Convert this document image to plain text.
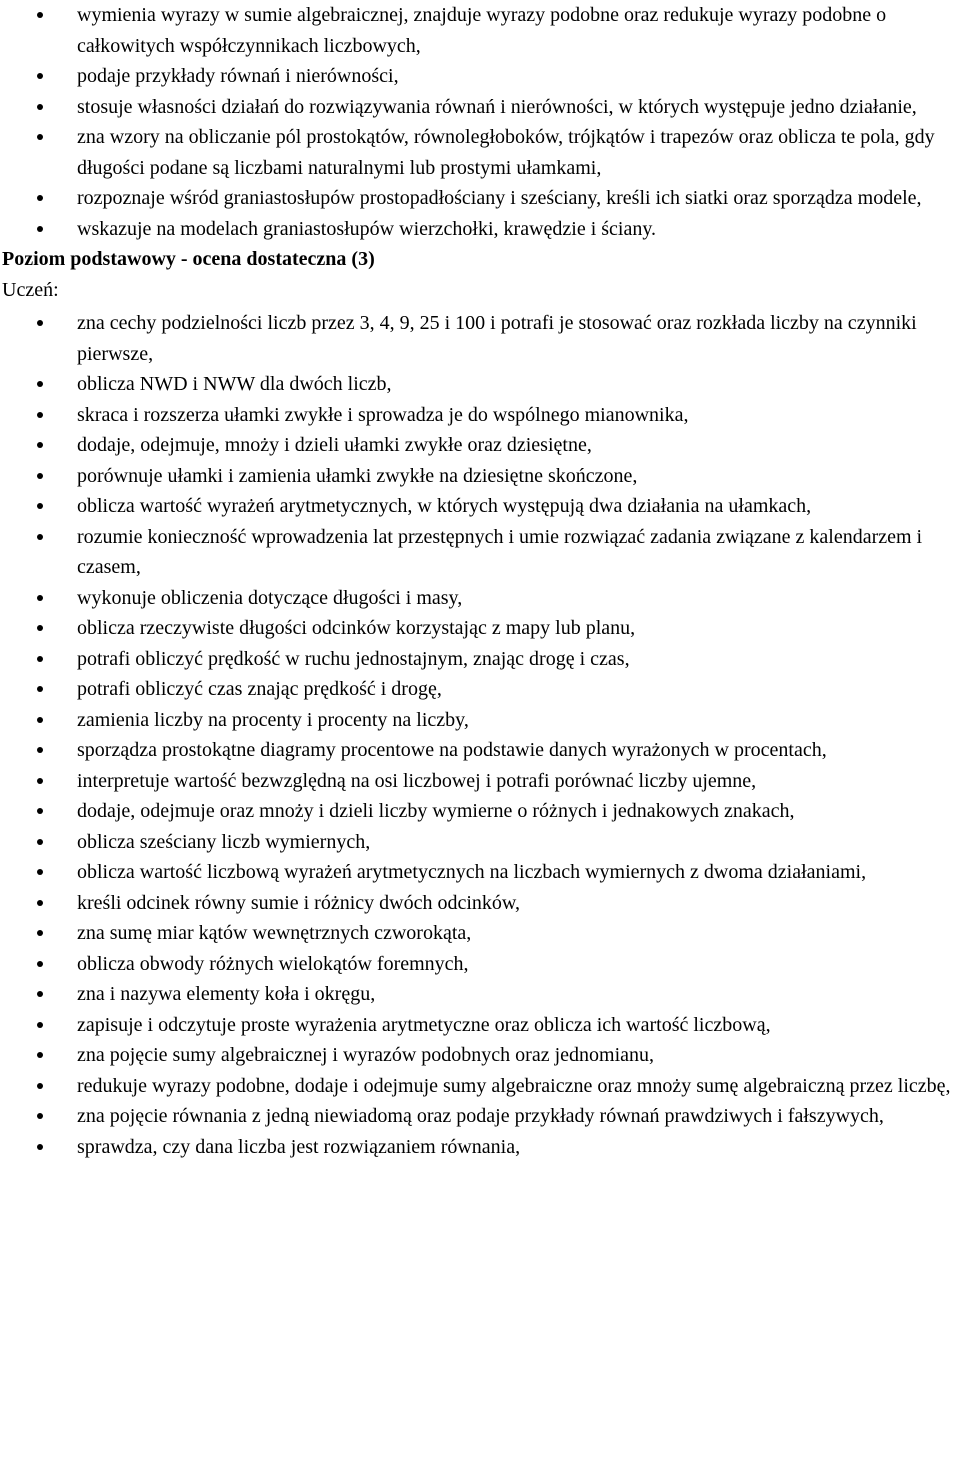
wymienia wyrazy w sumie algebraicznej, znajduje wyrazy podobne oraz redukuje wyrazy podobne o całkowitych współczynnikach liczbowych,
podaje przykłady równań i nierówności,
stosuje własności działań do rozwiązywania równań i nierówności, w których występuje jedno działanie,
zna wzory na obliczanie pól prostokątów, równoległoboków, trójkątów i trapezów oraz oblicza te pola, gdy długości podane są liczbami naturalnymi lub prostymi ułamkami,
rozpoznaje wśród graniastosłupów prostopadłościany i sześciany, kreśli ich siatki oraz sporządza modele,
wskazuje na modelach graniastosłupów wierzchołki, krawędzie i ściany.

Poziom podstawowy - ocena dostateczna (3)

Uczeń:

zna cechy podzielności liczb przez 3, 4, 9, 25 i 100 i potrafi je stosować oraz rozkłada liczby na czynniki pierwsze,
oblicza NWD i NWW dla dwóch liczb,
skraca i rozszerza ułamki zwykłe i sprowadza je do wspólnego mianownika,
dodaje, odejmuje, mnoży i dzieli ułamki zwykłe oraz dziesiętne,
porównuje ułamki i zamienia ułamki zwykłe na dziesiętne skończone,
oblicza wartość wyrażeń arytmetycznych, w których występują dwa działania na ułamkach,
rozumie konieczność wprowadzenia lat przestępnych i umie rozwiązać zadania związane z kalendarzem i czasem,
wykonuje obliczenia dotyczące długości i masy,
oblicza rzeczywiste długości odcinków korzystając z mapy lub planu,
potrafi obliczyć prędkość w ruchu jednostajnym, znając drogę i czas,
potrafi obliczyć czas znając prędkość i drogę,
zamienia liczby na procenty i procenty na liczby,
sporządza prostokątne diagramy procentowe na podstawie danych wyrażonych w procentach,
interpretuje wartość bezwzględną na osi liczbowej i potrafi porównać liczby ujemne,
dodaje, odejmuje oraz mnoży i dzieli liczby wymierne o różnych i jednakowych znakach,
oblicza sześciany liczb wymiernych,
oblicza wartość liczbową wyrażeń arytmetycznych na liczbach wymiernych z dwoma działaniami,
kreśli odcinek równy sumie i różnicy dwóch odcinków,
zna sumę miar kątów wewnętrznych czworokąta,
oblicza obwody różnych wielokątów foremnych,
zna i nazywa elementy koła i okręgu,
zapisuje i odczytuje proste wyrażenia arytmetyczne oraz oblicza ich wartość liczbową,
zna pojęcie sumy algebraicznej i wyrazów podobnych oraz jednomianu,
redukuje wyrazy podobne, dodaje i odejmuje sumy algebraiczne oraz mnoży sumę algebraiczną przez liczbę,
zna pojęcie równania z jedną niewiadomą oraz podaje przykłady równań prawdziwych i fałszywych,
sprawdza, czy dana liczba jest rozwiązaniem równania,
